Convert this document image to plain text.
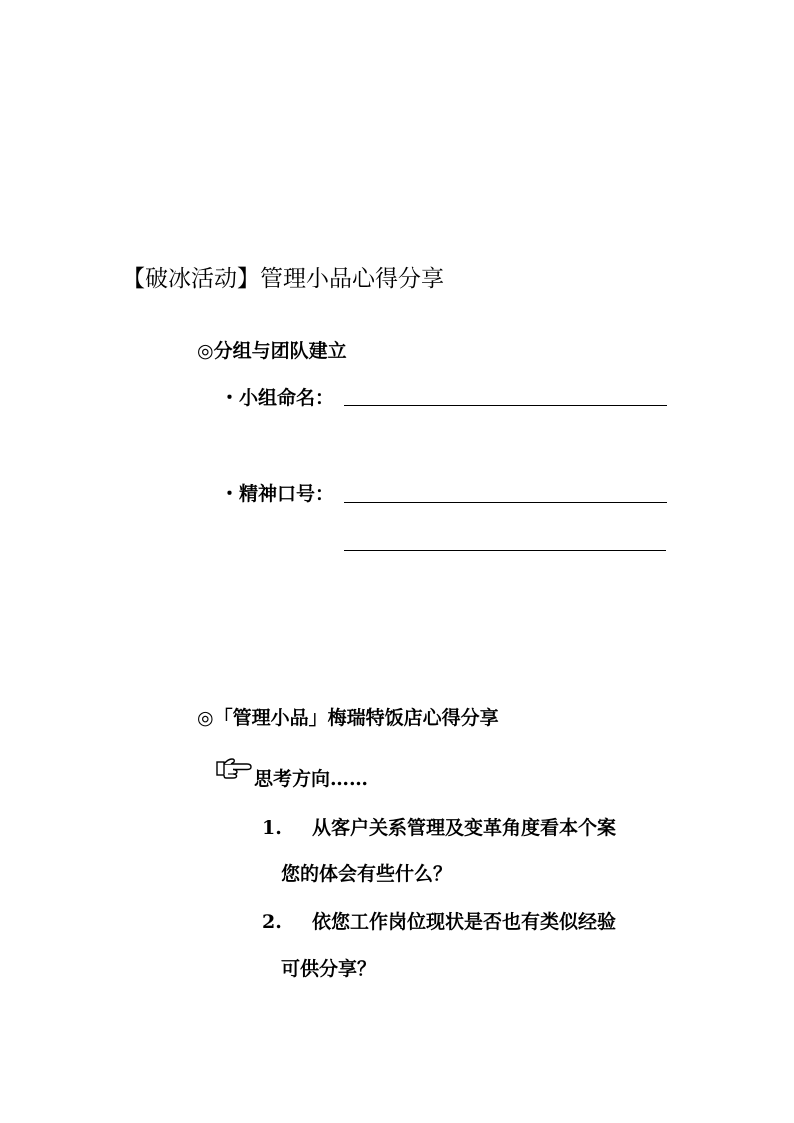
【破冰活动】管理小品心得分享
◎分组与团队建立
・小组命名：
・精神口号：
◎「管理小品」梅瑞特饭店心得分享
思考方向……
1. 从客户关系管理及变革角度看本个案
您的体会有些什么？
2. 依您工作岗位现状是否也有类似经验
可供分享？
